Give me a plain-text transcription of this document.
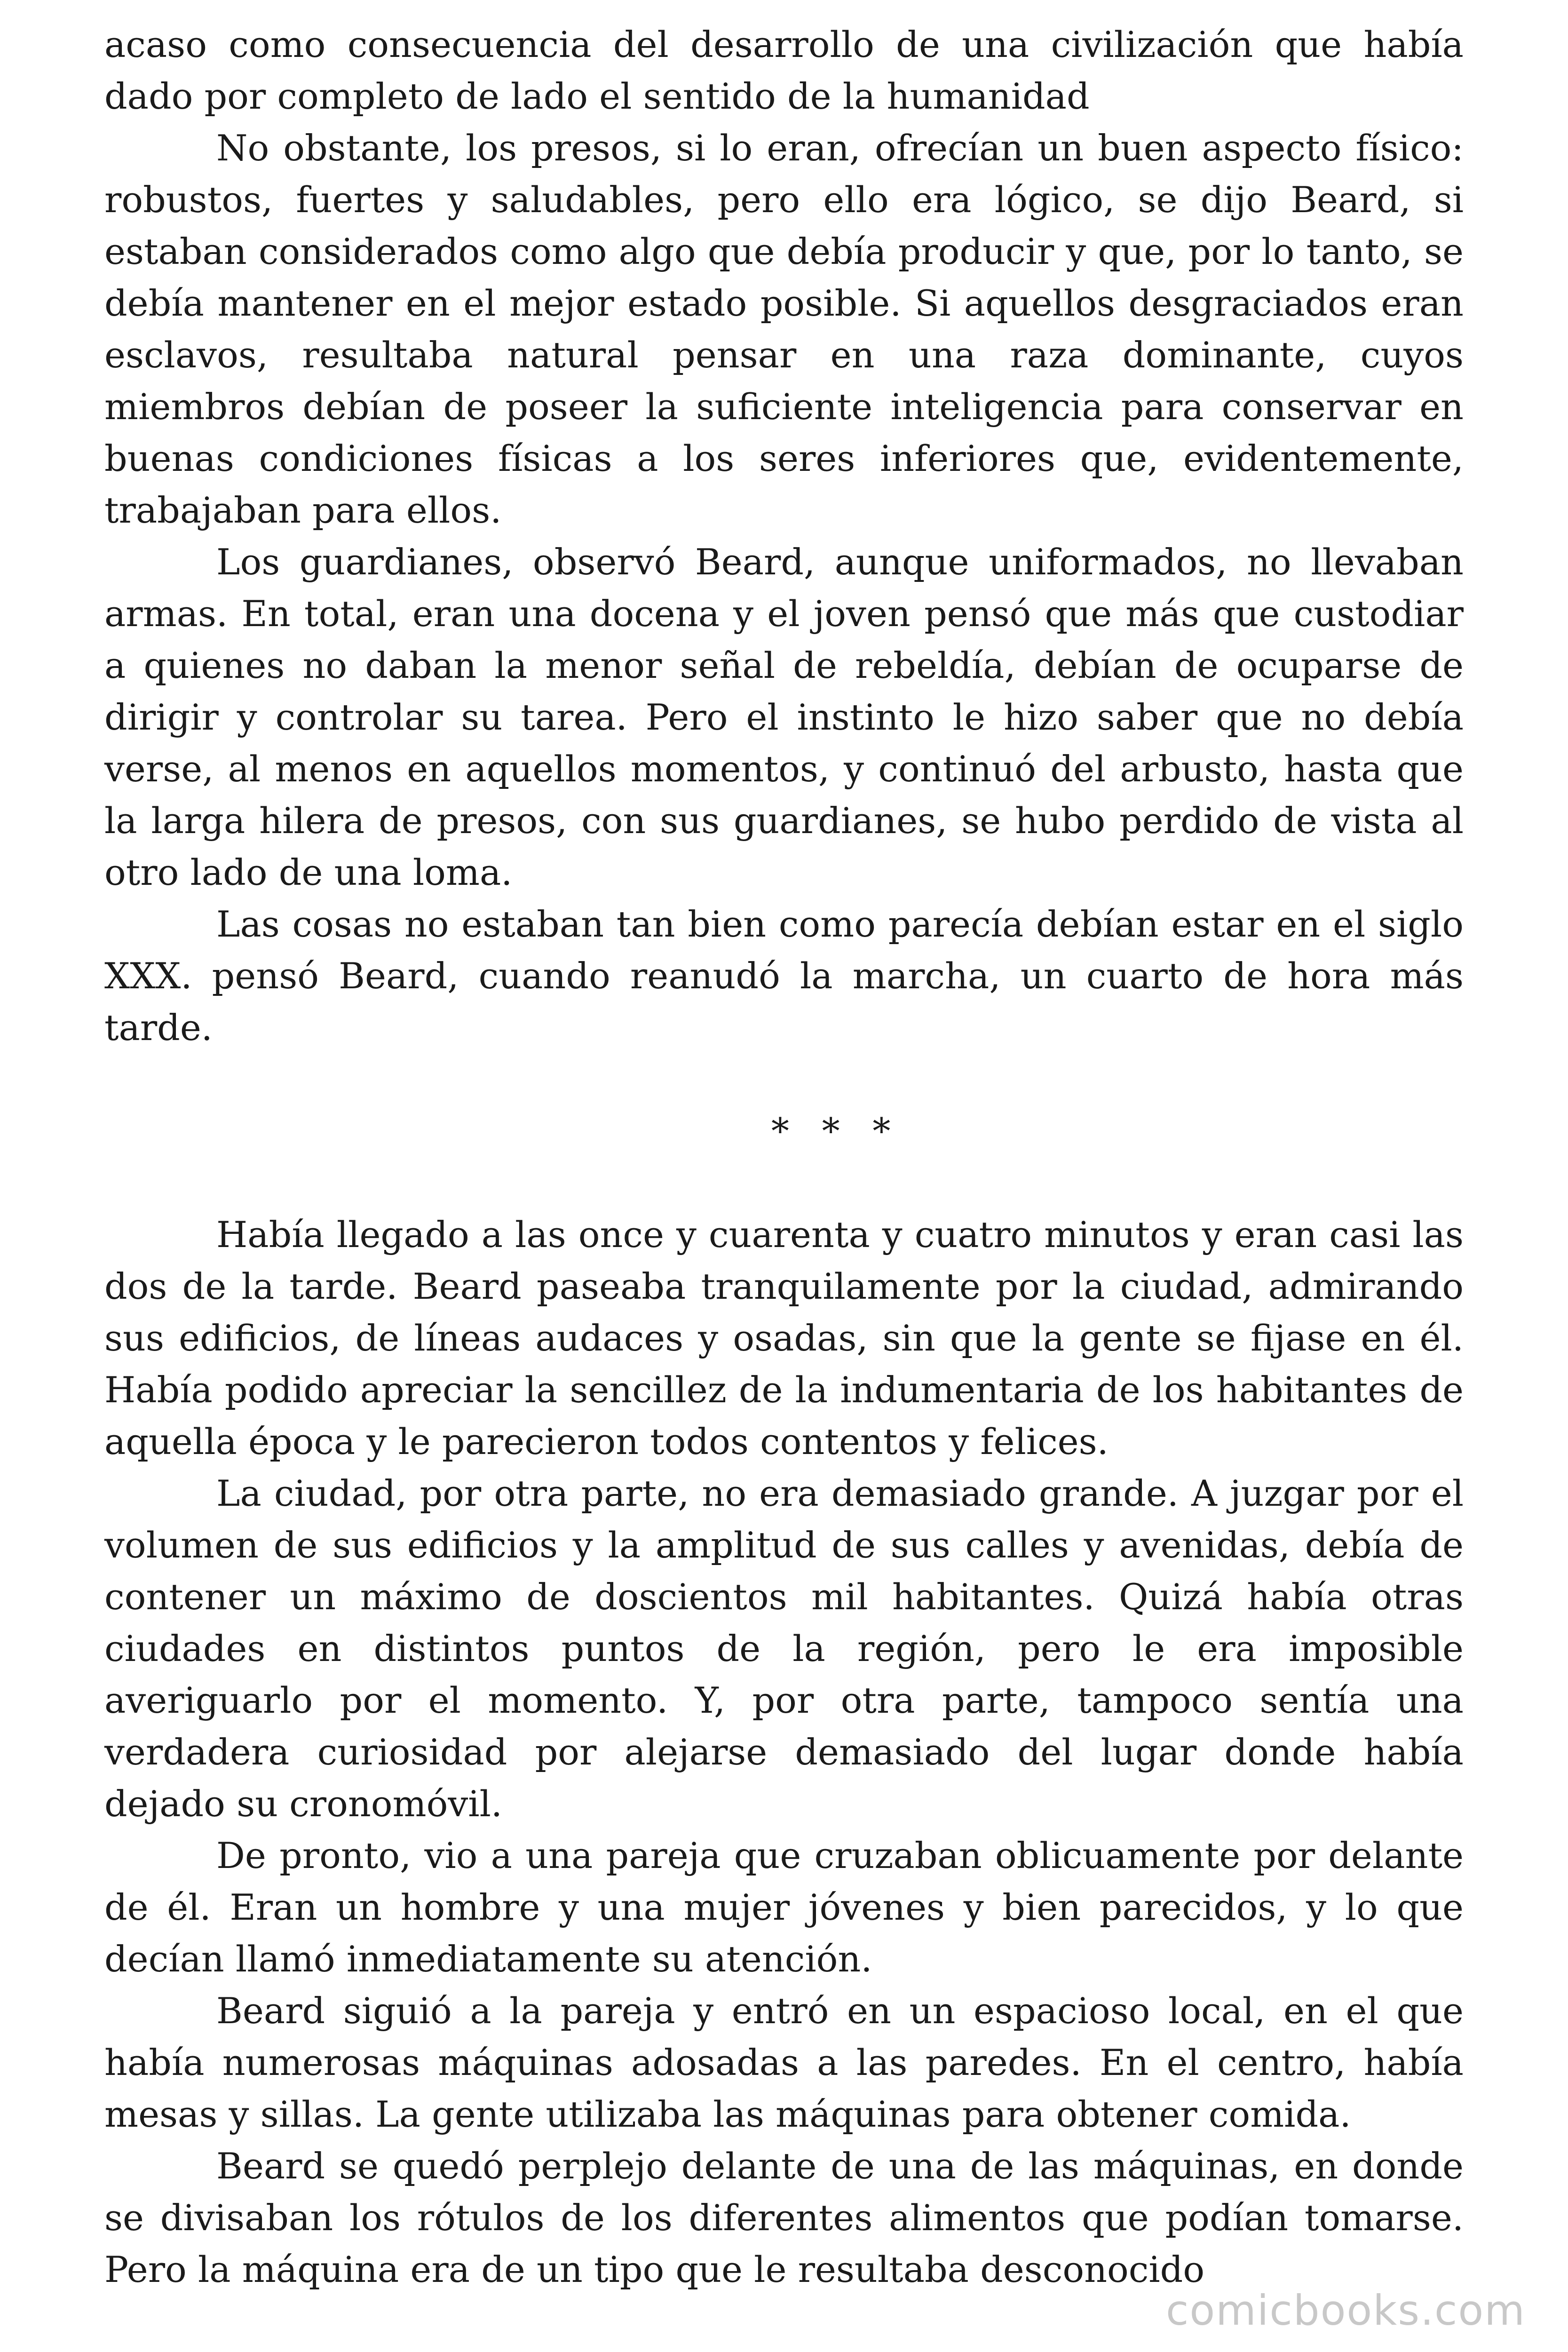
acaso como consecuencia del desarrollo de una civilización que había dado por completo de lado el sentido de la humanidad

No obstante, los presos, si lo eran, ofrecían un buen aspecto físico: robustos, fuertes y saludables, pero ello era lógico, se dijo Beard, si estaban considerados como algo que debía producir y que, por lo tanto, se debía mantener en el mejor estado posible. Si aquellos desgraciados eran esclavos, resultaba natural pensar en una raza dominante, cuyos miembros debían de poseer la suficiente inteligencia para conservar en buenas condiciones físicas a los seres inferiores que, evidentemente, trabajaban para ellos.

Los guardianes, observó Beard, aunque uniformados, no llevaban armas. En total, eran una docena y el joven pensó que más que custodiar a quienes no daban la menor señal de rebeldía, debían de ocuparse de dirigir y controlar su tarea. Pero el instinto le hizo saber que no debía verse, al menos en aquellos momentos, y continuó del arbusto, hasta que la larga hilera de presos, con sus guardianes, se hubo perdido de vista al otro lado de una loma.

Las cosas no estaban tan bien como parecía debían estar en el siglo XXX. pensó Beard, cuando reanudó la marcha, un cuarto de hora más tarde.

* * *

Había llegado a las once y cuarenta y cuatro minutos y eran casi las dos de la tarde. Beard paseaba tranquilamente por la ciudad, admirando sus edificios, de líneas audaces y osadas, sin que la gente se fijase en él. Había podido apreciar la sencillez de la indumentaria de los habitantes de aquella época y le parecieron todos contentos y felices.

La ciudad, por otra parte, no era demasiado grande. A juzgar por el volumen de sus edificios y la amplitud de sus calles y avenidas, debía de contener un máximo de doscientos mil habitantes. Quizá había otras ciudades en distintos puntos de la región, pero le era imposible averiguarlo por el momento. Y, por otra parte, tampoco sentía una verdadera curiosidad por alejarse demasiado del lugar donde había dejado su cronomóvil.

De pronto, vio a una pareja que cruzaban oblicuamente por delante de él. Eran un hombre y una mujer jóvenes y bien parecidos, y lo que decían llamó inmediatamente su atención.

Beard siguió a la pareja y entró en un espacioso local, en el que había numerosas máquinas adosadas a las paredes. En el centro, había mesas y sillas. La gente utilizaba las máquinas para obtener comida.

Beard se quedó perplejo delante de una de las máquinas, en donde se divisaban los rótulos de los diferentes alimentos que podían tomarse. Pero la máquina era de un tipo que le resultaba desconocido

comicbooks.com
